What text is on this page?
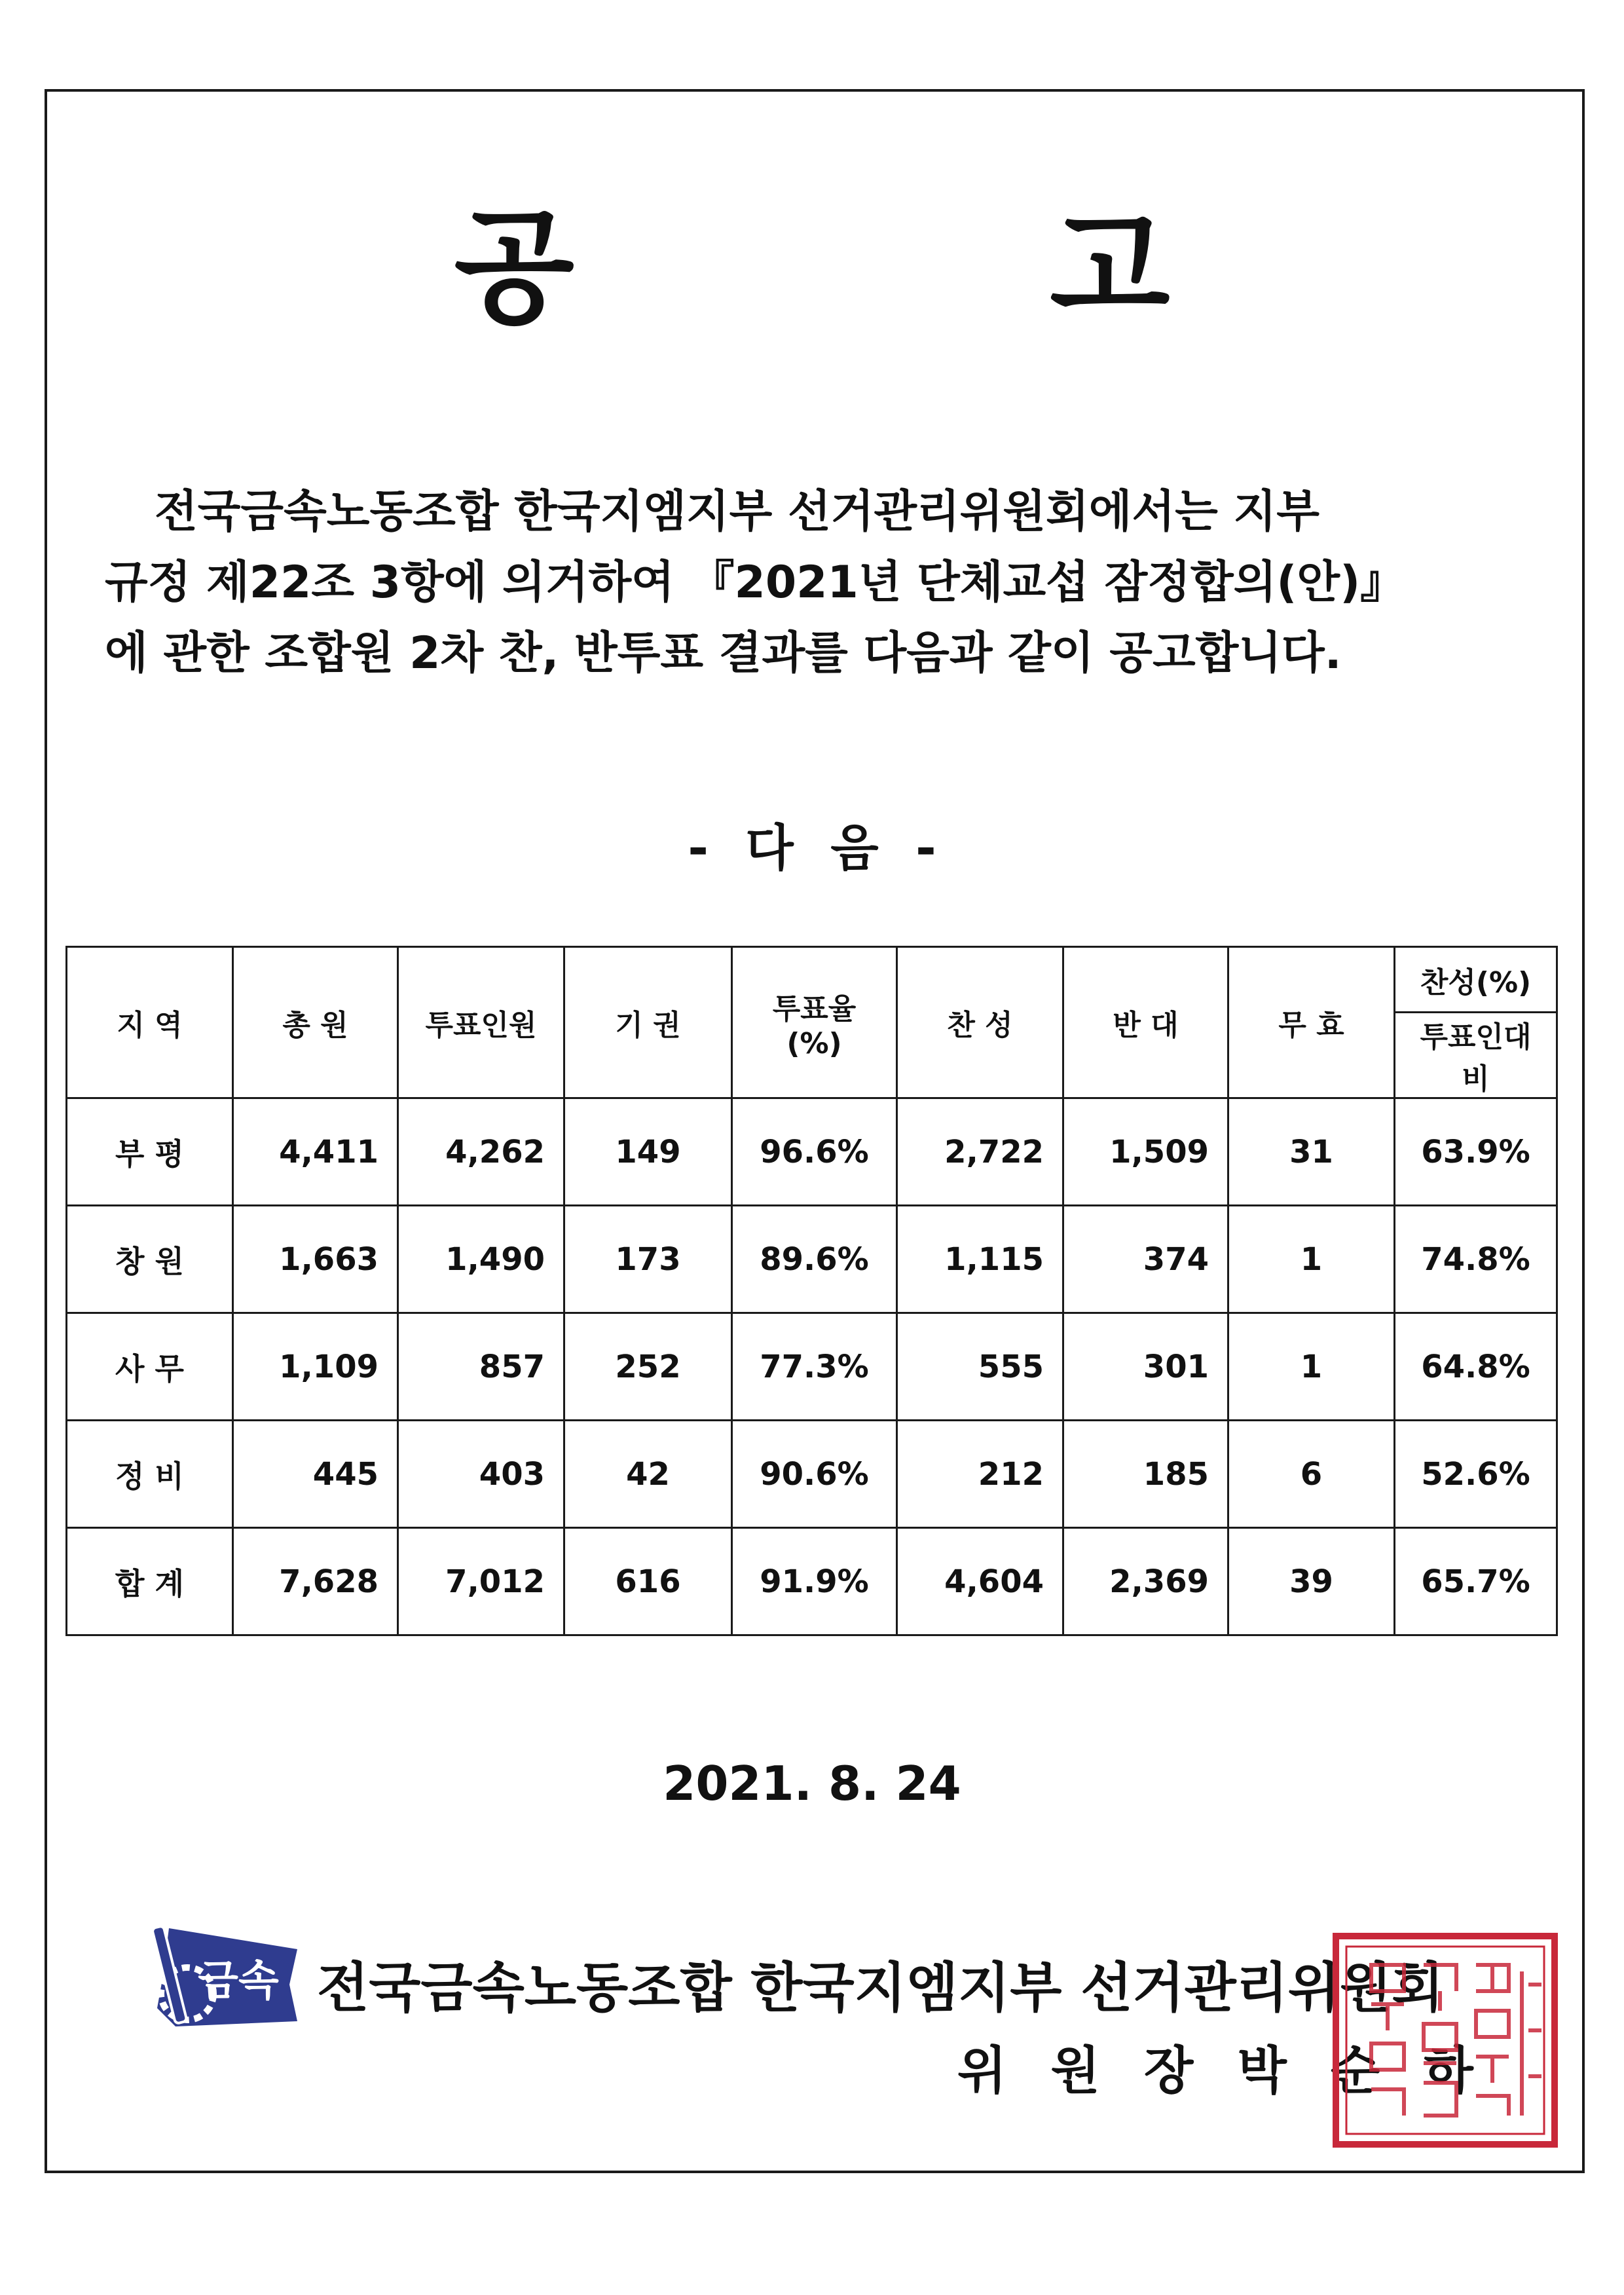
공 고
전국금속노동조합 한국지엠지부 선거관리위원회에서는 지부
규정 제22조 3항에 의거하여 『2021년 단체교섭 잠정합의(안)』
에 관한 조합원 2차 찬, 반투표 결과를 다음과 같이 공고합니다.
- 다 음 -
지 역	총 원	투표인원	기 권	투표율(%)	찬 성	반 대	무 효	찬성(%)
								투표인대비
부 평	4,411	4,262	149	96.6%	2,722	1,509	31	63.9%
창 원	1,663	1,490	173	89.6%	1,115	374	1	74.8%
사 무	1,109	857	252	77.3%	555	301	1	64.8%
정 비	445	403	42	90.6%	212	185	6	52.6%
합 계	7,628	7,012	616	91.9%	4,604	2,369	39	65.7%
2021. 8. 24
금속 전국금속노동조합 한국지엠지부 선거관리위원회
위 원 장 박 순 하
